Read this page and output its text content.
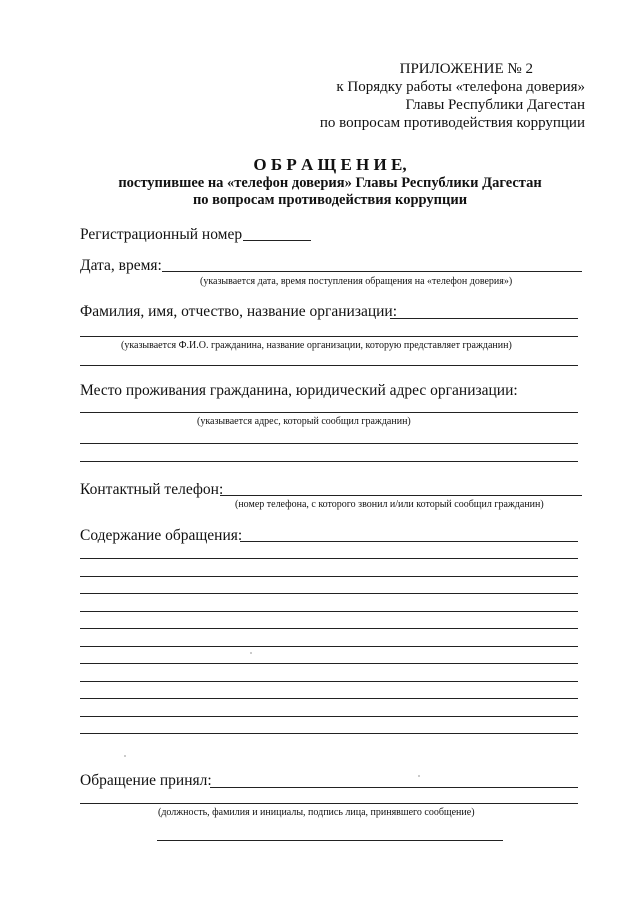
ПРИЛОЖЕНИЕ № 2
к Порядку работы «телефона доверия»
Главы Республики Дагестан
по вопросам противодействия коррупции
О Б Р А Щ Е Н И Е,
поступившее на «телефон доверия» Главы Республики Дагестан
по вопросам противодействия коррупции
Регистрационный номер
Дата, время:
(указывается дата, время поступления обращения на «телефон доверия»)
Фамилия, имя, отчество, название организации:
(указывается Ф.И.О. гражданина, название организации, которую представляет гражданин)
Место проживания гражданина, юридический адрес организации:
(указывается адрес, который сообщил гражданин)
Контактный телефон:
(номер телефона, с которого звонил и/или который сообщил гражданин)
Содержание обращения:
Обращение принял:
(должность, фамилия и инициалы, подпись лица, принявшего сообщение)
